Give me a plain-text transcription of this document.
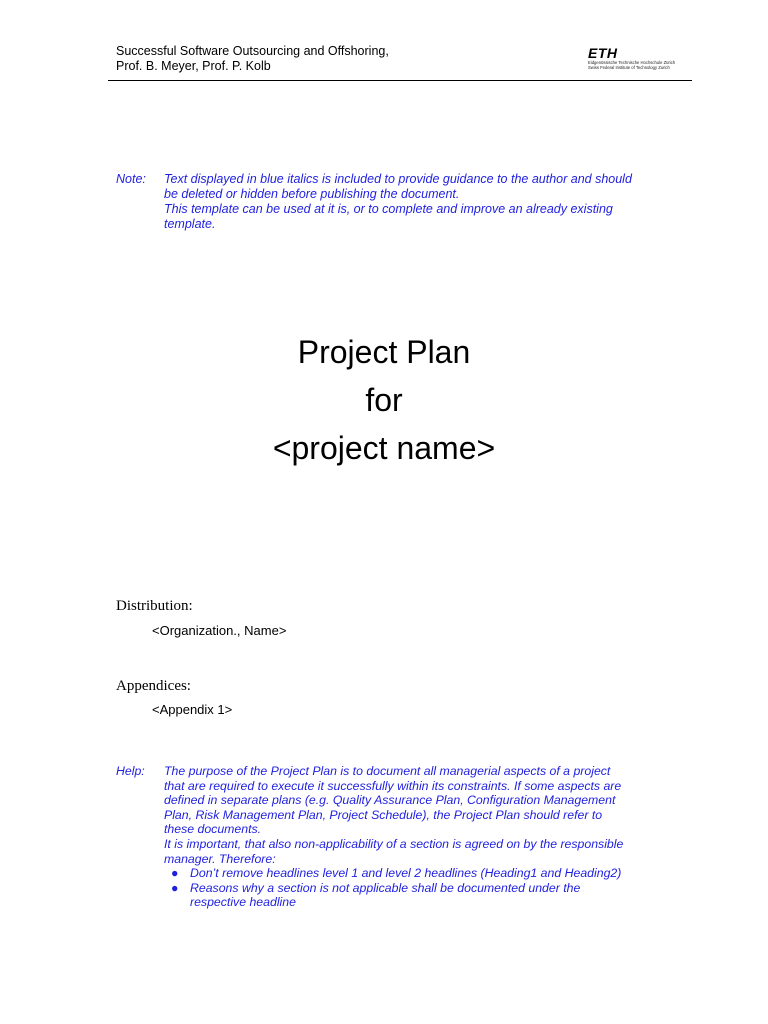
Successful Software Outsourcing and Offshoring,
Prof. B. Meyer, Prof. P. Kolb
ETH
Eidgenössische Technische Hochschule Zürich
Swiss Federal Institute of Technology Zurich
Note:	Text displayed in blue italics is included to provide guidance to the author and should
be deleted or hidden before publishing the document.
This template can be used at it is, or to complete and improve an already existing
template.
Project Plan
for
<project name>
Distribution:
<Organization., Name>
Appendices:
<Appendix 1>
Help:	The purpose of the Project Plan is to document all managerial aspects of a project
that are required to execute it successfully within its constraints. If some aspects are
defined in separate plans (e.g. Quality Assurance Plan, Configuration Management
Plan, Risk Management Plan, Project Schedule), the Project Plan should refer to
these documents.
It is important, that also non-applicability of a section is agreed on by the responsible
manager. Therefore:
● Don’t remove headlines level 1 and level 2 headlines (Heading1 and Heading2)
● Reasons why a section is not applicable shall be documented under the
respective headline
